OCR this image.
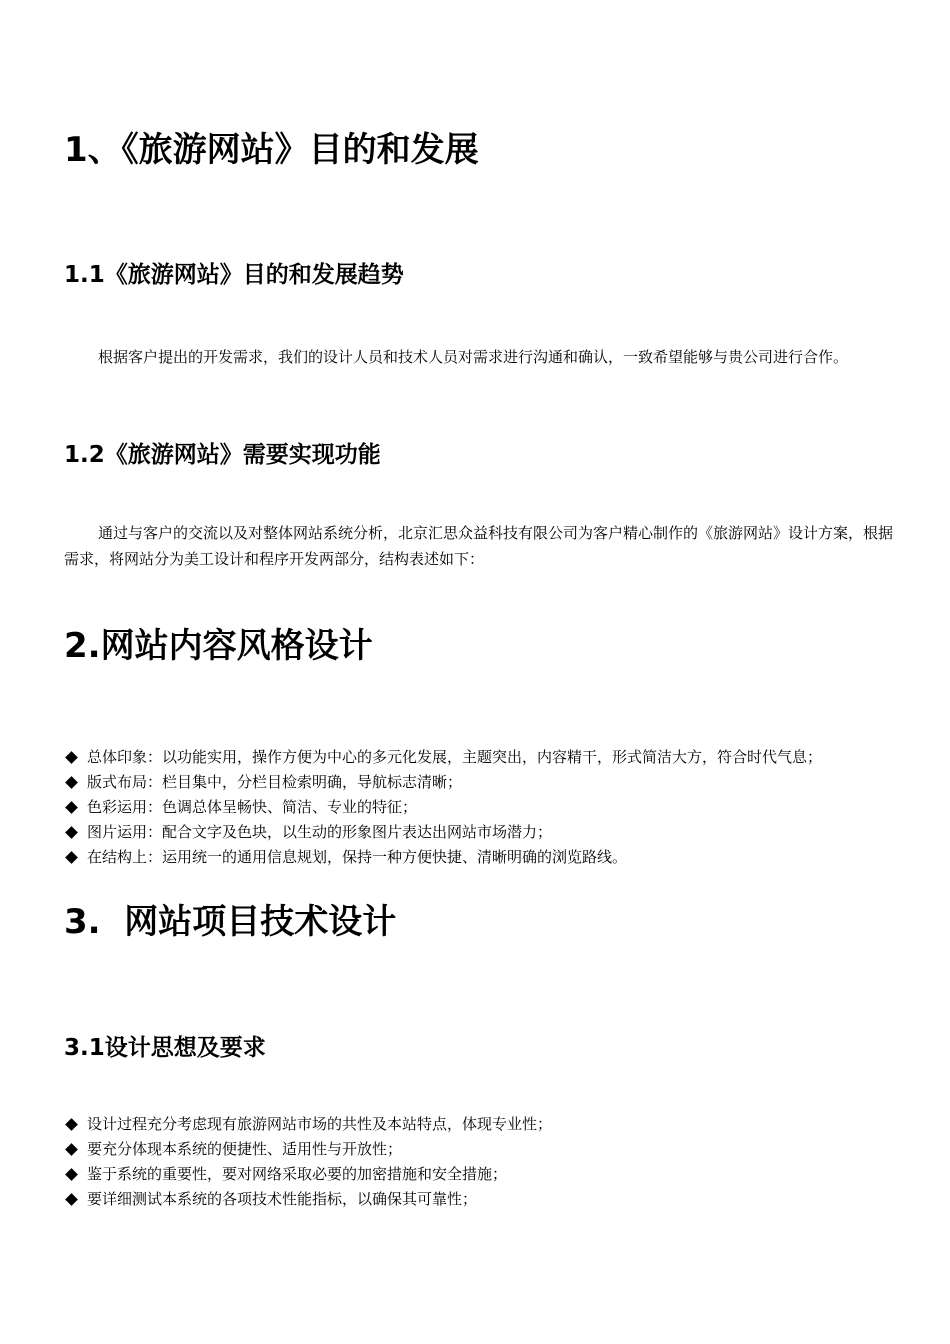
1、《旅游网站》目的和发展
1.1《旅游网站》目的和发展趋势

根据客户提出的开发需求，我们的设计人员和技术人员对需求进行沟通和确认，一致希望能够与贵公司进行合作。

1.2《旅游网站》需要实现功能

通过与客户的交流以及对整体网站系统分析，北京汇思众益科技有限公司为客户精心制作的《旅游网站》设计方案，根据需求，将网站分为美工设计和程序开发两部分，结构表述如下：

2.网站内容风格设计
总体印象：以功能实用，操作方便为中心的多元化发展，主题突出，内容精干，形式简洁大方，符合时代气息；
版式布局：栏目集中，分栏目检索明确，导航标志清晰；
色彩运用：色调总体呈畅快、简洁、专业的特征；
图片运用：配合文字及色块，以生动的形象图片表达出网站市场潜力；
在结构上：运用统一的通用信息规划，保持一种方便快捷、清晰明确的浏览路线。
3.  网站项目技术设计
3.1设计思想及要求
设计过程充分考虑现有旅游网站市场的共性及本站特点，体现专业性；
要充分体现本系统的便捷性、适用性与开放性；
鉴于系统的重要性，要对网络采取必要的加密措施和安全措施；
要详细测试本系统的各项技术性能指标，以确保其可靠性；
